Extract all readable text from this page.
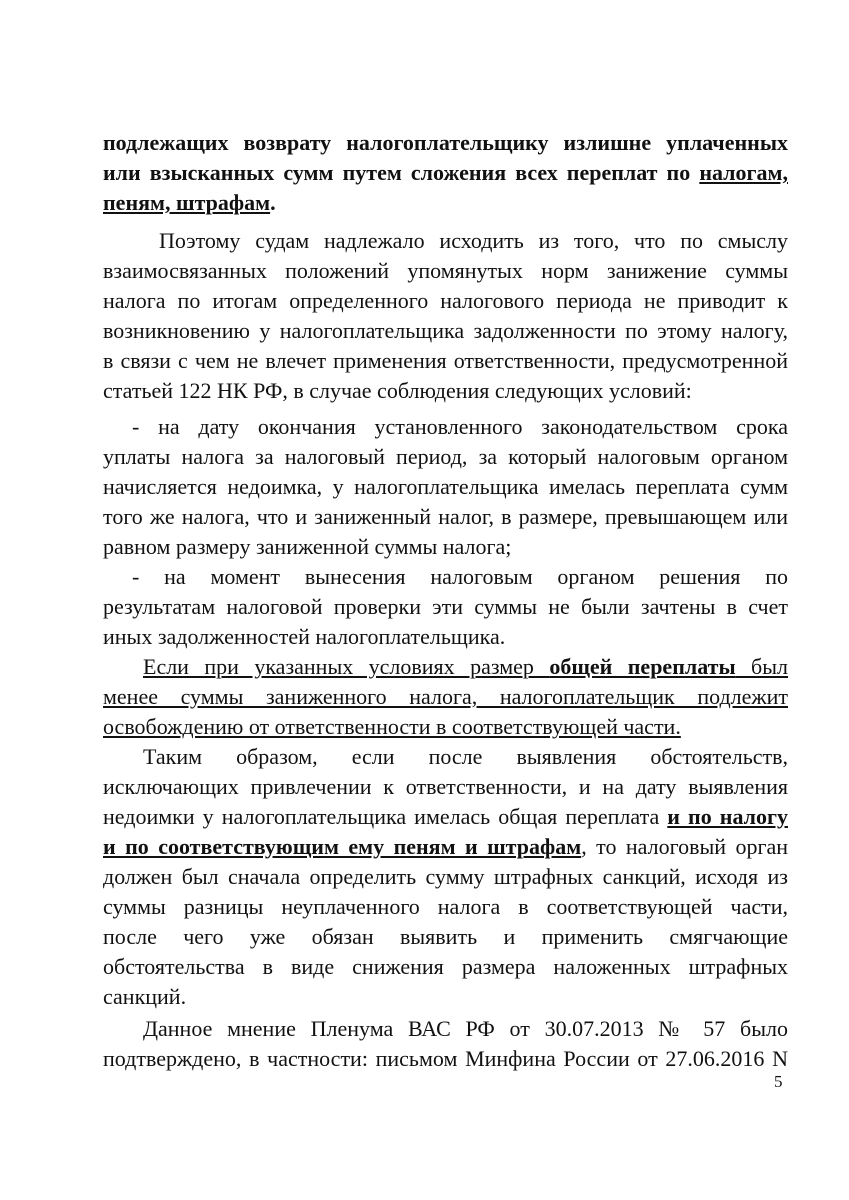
подлежащих возврату налогоплательщику излишне уплаченных
или взысканных сумм путем сложения всех переплат по налогам,
пеням, штрафам.
Поэтому судам надлежало исходить из того, что по смыслу
взаимосвязанных положений упомянутых норм занижение суммы
налога по итогам определенного налогового периода не приводит к
возникновению у налогоплательщика задолженности по этому налогу,
в связи с чем не влечет применения ответственности, предусмотренной
статьей 122 НК РФ, в случае соблюдения следующих условий:
- на дату окончания установленного законодательством срока
уплаты налога за налоговый период, за который налоговым органом
начисляется недоимка, у налогоплательщика имелась переплата сумм
того же налога, что и заниженный налог, в размере, превышающем или
равном размеру заниженной суммы налога;
- на момент вынесения налоговым органом решения по
результатам налоговой проверки эти суммы не были зачтены в счет
иных задолженностей налогоплательщика.
Если при указанных условиях размер общей переплаты был
менее суммы заниженного налога, налогоплательщик подлежит
освобождению от ответственности в соответствующей части.
Таким образом, если после выявления обстоятельств,
исключающих привлечении к ответственности, и на дату выявления
недоимки у налогоплательщика имелась общая переплата и по налогу
и по соответствующим ему пеням и штрафам, то налоговый орган
должен был сначала определить сумму штрафных санкций, исходя из
суммы разницы неуплаченного налога в соответствующей части,
после чего уже обязан выявить и применить смягчающие
обстоятельства в виде снижения размера наложенных штрафных
санкций.
Данное мнение Пленума ВАС РФ от 30.07.2013 № 57 было
подтверждено, в частности: письмом Минфина России от 27.06.2016 N
5
